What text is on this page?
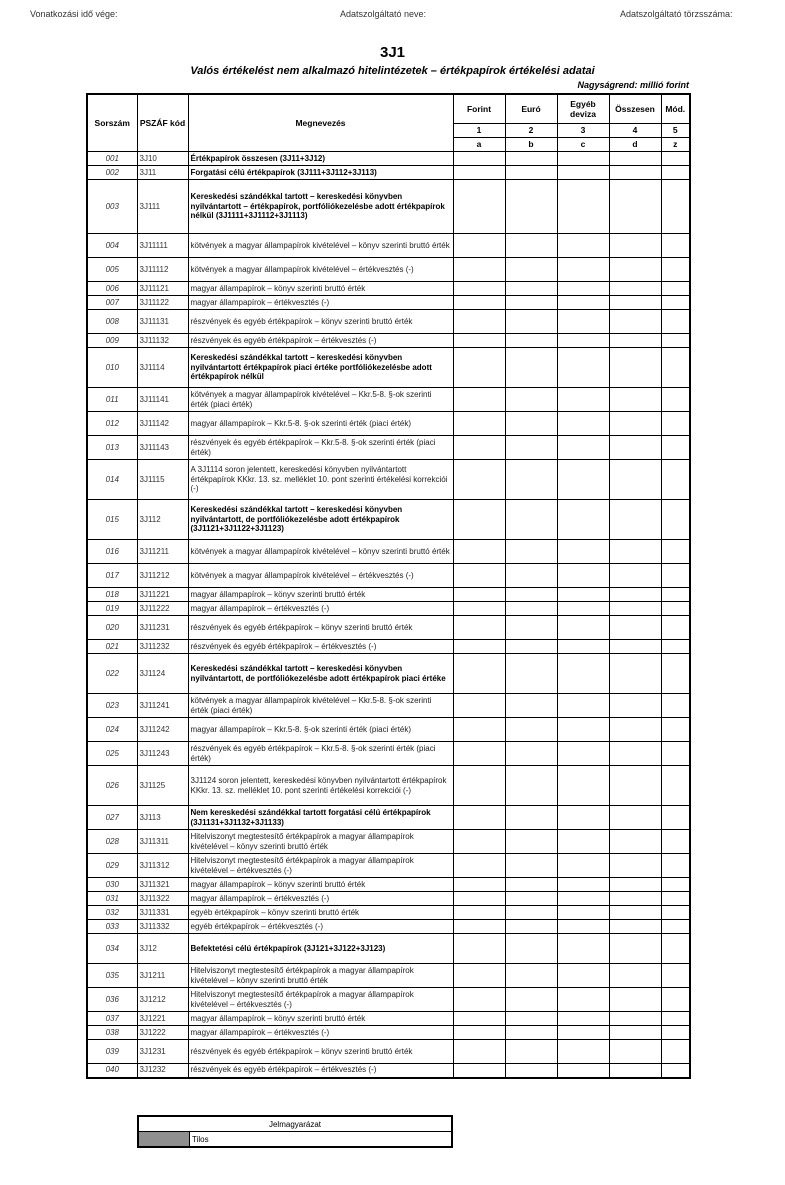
Vonatkozási idő vége:	Adatszolgáltató neve:	Adatszolgáltató törzsszáma:
3J1
Valós értékelést nem alkalmazó hitelintézetek – értékpapírok értékelési adatai
Nagyságrend: millió forint
Sorszám	PSZÁF kód	Megnevezés	Forint	Euró	Egyéb deviza	Összesen	Mód.
			1	2	3	4	5
			a	b	c	d	z
001	3J10	Értékpapírok összesen (3J11+3J12)					
002	3J11	Forgatási célú értékpapírok (3J111+3J112+3J113)					
003	3J111	Kereskedési szándékkal tartott – kereskedési könyvben nyilvántartott – értékpapírok, portfóliókezelésbe adott értékpapírok nélkül (3J1111+3J1112+3J1113)					
004	3J11111	kötvények a magyar állampapírok kivételével – könyv szerinti bruttó érték					
005	3J11112	kötvények a magyar állampapírok kivételével – értékvesztés (-)					
006	3J11121	magyar állampapírok – könyv szerinti bruttó érték					
007	3J11122	magyar állampapírok – értékvesztés (-)					
008	3J11131	részvények és egyéb értékpapírok – könyv szerinti bruttó érték					
009	3J11132	részvények és egyéb értékpapírok – értékvesztés (-)					
010	3J1114	Kereskedési szándékkal tartott – kereskedési könyvben nyilvántartott értékpapírok piaci értéke portfóliókezelésbe adott értékpapírok nélkül					
011	3J11141	kötvények a magyar állampapírok kivételével – Kkr.5-8. §-ok szerinti érték (piaci érték)					
012	3J11142	magyar állampapírok – Kkr.5-8. §-ok szerinti érték (piaci érték)					
013	3J11143	részvények és egyéb értékpapírok – Kkr.5-8. §-ok szerinti érték (piaci érték)					
014	3J1115	A 3J1114 soron jelentett, kereskedési könyvben nyilvántartott értékpapírok KKkr. 13. sz. melléklet 10. pont szerinti értékelési korrekciói (-)					
015	3J112	Kereskedési szándékkal tartott – kereskedési könyvben nyilvántartott, de portfóliókezelésbe adott értékpapírok (3J1121+3J1122+3J1123)					
016	3J11211	kötvények a magyar állampapírok kivételével – könyv szerinti bruttó érték					
017	3J11212	kötvények a magyar állampapírok kivételével – értékvesztés (-)					
018	3J11221	magyar állampapírok – könyv szerinti bruttó érték					
019	3J11222	magyar állampapírok – értékvesztés (-)					
020	3J11231	részvények és egyéb értékpapírok – könyv szerinti bruttó érték					
021	3J11232	részvények és egyéb értékpapírok – értékvesztés (-)					
022	3J1124	Kereskedési szándékkal tartott – kereskedési könyvben nyilvántartott, de portfóliókezelésbe adott értékpapírok piaci értéke					
023	3J11241	kötvények a magyar állampapírok kivételével – Kkr.5-8. §-ok szerinti érték (piaci érték)					
024	3J11242	magyar állampapírok – Kkr.5-8. §-ok szerinti érték (piaci érték)					
025	3J11243	részvények és egyéb értékpapírok – Kkr.5-8. §-ok szerinti érték (piaci érték)					
026	3J1125	3J1124 soron jelentett, kereskedési könyvben nyilvántartott értékpapírok KKkr. 13. sz. melléklet 10. pont szerinti értékelési korrekciói (-)					
027	3J113	Nem kereskedési szándékkal tartott forgatási célú értékpapírok (3J1131+3J1132+3J1133)					
028	3J11311	Hitelviszonyt megtestesítő értékpapírok a magyar állampapírok kivételével – könyv szerinti bruttó érték					
029	3J11312	Hitelviszonyt megtestesítő értékpapírok a magyar állampapírok kivételével – értékvesztés (-)					
030	3J11321	magyar állampapírok – könyv szerinti bruttó érték					
031	3J11322	magyar állampapírok – értékvesztés (-)					
032	3J11331	egyéb értékpapírok – könyv szerinti bruttó érték					
033	3J11332	egyéb értékpapírok – értékvesztés (-)					
034	3J12	Befektetési célú értékpapírok (3J121+3J122+3J123)					
035	3J1211	Hitelviszonyt megtestesítő értékpapírok a magyar állampapírok kivételével – könyv szerinti bruttó érték					
036	3J1212	Hitelviszonyt megtestesítő értékpapírok a magyar állampapírok kivételével – értékvesztés (-)					
037	3J1221	magyar állampapírok – könyv szerinti bruttó érték					
038	3J1222	magyar állampapírok – értékvesztés (-)					
039	3J1231	részvények és egyéb értékpapírok – könyv szerinti bruttó érték					
040	3J1232	részvények és egyéb értékpapírok – értékvesztés (-)					
Jelmagyarázat
	Tilos
